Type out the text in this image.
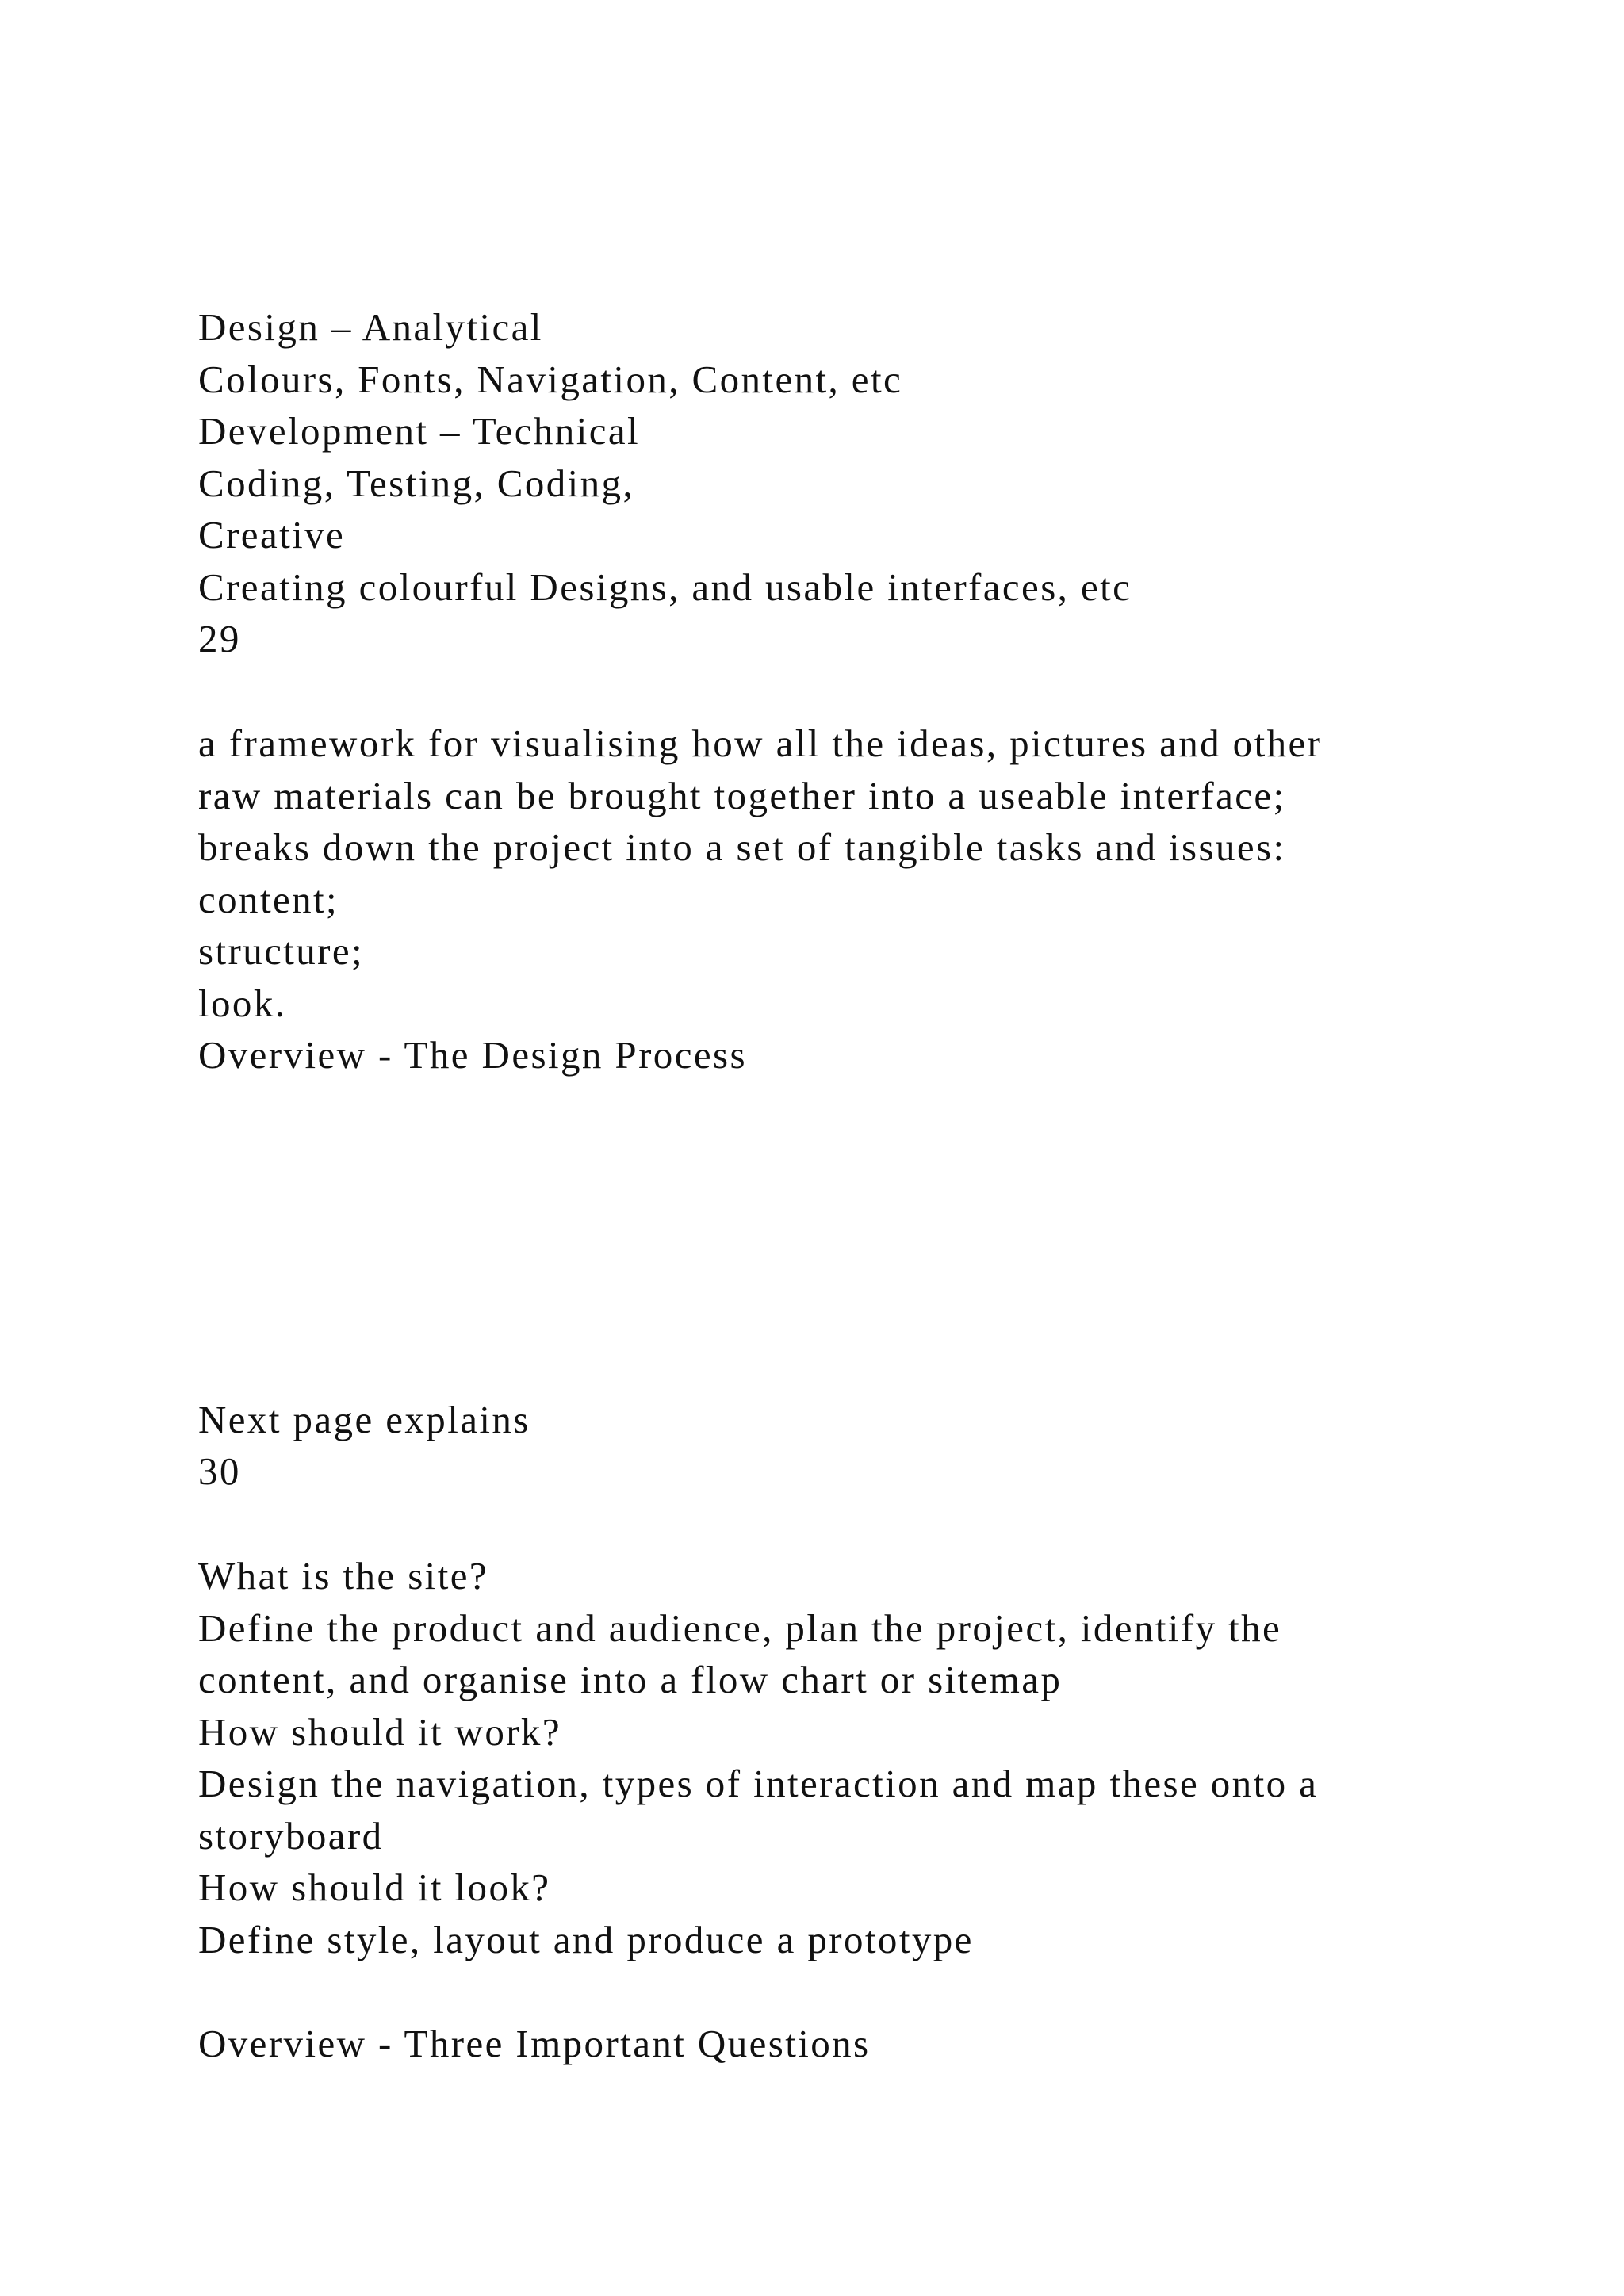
Design – Analytical

Colours, Fonts, Navigation, Content, etc

Development – Technical

Coding, Testing, Coding,

Creative

Creating colourful Designs, and usable interfaces, etc

29

a framework for visualising how all the ideas, pictures and other

raw materials can be brought together into a useable interface;

breaks down the project into a set of tangible tasks and issues:

content;

structure;

look.

Overview - The Design Process

Next page explains

30

What is the site?

Define the product and audience, plan the project, identify the

content, and organise into a flow chart or sitemap

How should it work?

Design the navigation, types of interaction and map these onto a

storyboard

How should it look?

Define style, layout and produce a prototype

Overview - Three Important Questions
